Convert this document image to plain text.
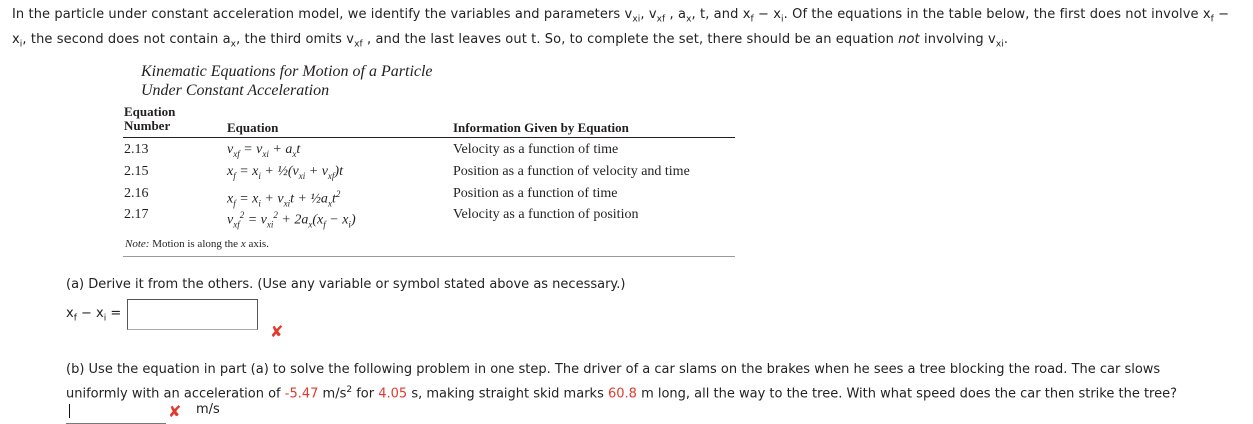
In the particle under constant acceleration model, we identify the variables and parameters $v_{xi}$, $v_{xf}$ , $a_x$, t, and $x_f - x_i$. Of the equations in the table below, the first does not involve $x_f - x_i$, the second does not contain $a_x$, the third omits $v_{xf}$ , and the last leaves out t. So, to complete the set, there should be an equation not involving $v_{xi}$.
Kinematic Equations for Motion of a Particle
Under Constant Acceleration
Equation
Number	Equation	Information Given by Equation
2.13	$v_{xf} = v_{xi} + a_xt$	Velocity as a function of time
2.15	$x_f = x_i$ + $\frac{1}{2}(v_{xi} + v_{xf})t$	Position as a function of velocity and time
2.16	$x_f = x_i + v_{xi}t$ + $\frac{1}{2}a_xt^2$	Position as a function of time
2.17	$v_{xf}^2 = v_{xi}^2 + 2a_x(x_f - x_i)$	Velocity as a function of position
Note: Motion is along the x axis.
(a) Derive it from the others. (Use any variable or symbol stated above as necessary.)
$x_f - x_i$ =
✘
(b) Use the equation in part (a) to solve the following problem in one step. The driver of a car slams on the brakes when he sees a tree blocking the road. The car slows
uniformly with an acceleration of -5.47 $m/s^2$ for 4.05 s, making straight skid marks 60.8 m long, all the way to the tree. With what speed does the car then strike the tree?
✘ m/s
